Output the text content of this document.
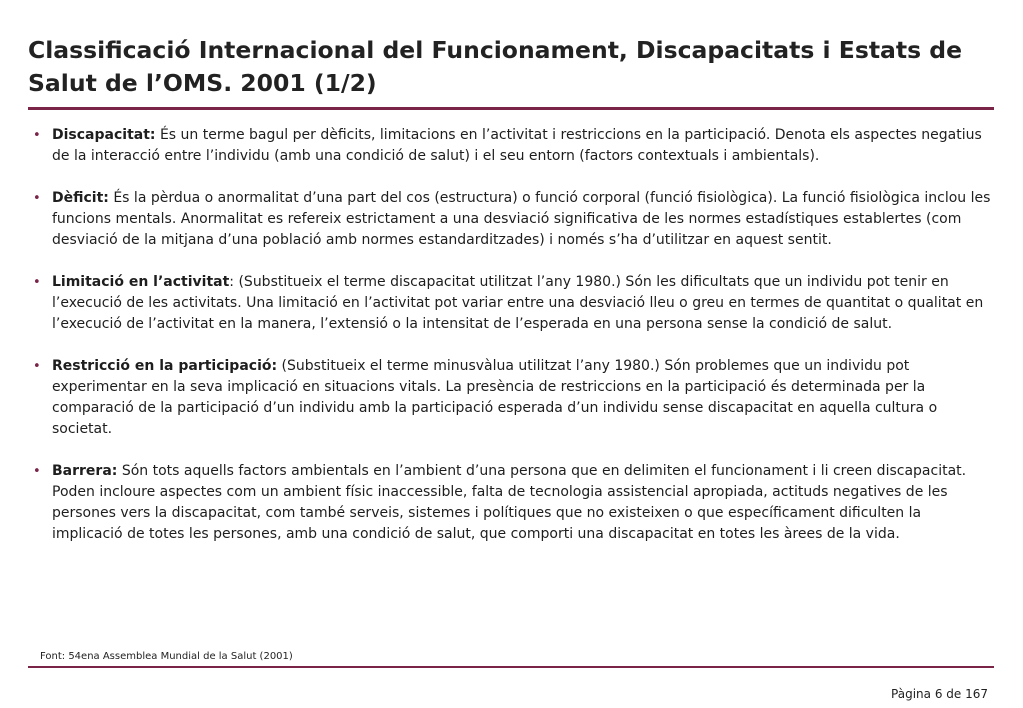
Classificació Internacional del Funcionament, Discapacitats i Estats de Salut de l’OMS. 2001 (1/2)
• Discapacitat: És un terme bagul per dèficits, limitacions en l’activitat i restriccions en la participació. Denota els aspectes negatius de la interacció entre l’individu (amb una condició de salut) i el seu entorn (factors contextuals i ambientals).
• Dèficit: És la pèrdua o anormalitat d’una part del cos (estructura) o funció corporal (funció fisiològica). La funció fisiològica inclou les funcions mentals. Anormalitat es refereix estrictament a una desviació significativa de les normes estadístiques establertes (com desviació de la mitjana d’una població amb normes estandarditzades) i només s’ha d’utilitzar en aquest sentit.
• Limitació en l’activitat: (Substitueix el terme discapacitat utilitzat l’any 1980.) Són les dificultats que un individu pot tenir en l’execució de les activitats. Una limitació en l’activitat pot variar entre una desviació lleu o greu en termes de quantitat o qualitat en l’execució de l’activitat en la manera, l’extensió o la intensitat de l’esperada en una persona sense la condició de salut.
• Restricció en la participació: (Substitueix el terme minusvàlua utilitzat l’any 1980.) Són problemes que un individu pot experimentar en la seva implicació en situacions vitals. La presència de restriccions en la participació és determinada per la comparació de la participació d’un individu amb la participació esperada d’un individu sense discapacitat en aquella cultura o societat.
• Barrera: Són tots aquells factors ambientals en l’ambient d’una persona que en delimiten el funcionament i li creen discapacitat. Poden incloure aspectes com un ambient físic inaccessible, falta de tecnologia assistencial apropiada, actituds negatives de les persones vers la discapacitat, com també serveis, sistemes i polítiques que no existeixen o que específicament dificulten la implicació de totes les persones, amb una condició de salut, que comporti una discapacitat en totes les àrees de la vida.
Font: 54ena Assemblea Mundial de la Salut (2001)
Pàgina 6 de 167
